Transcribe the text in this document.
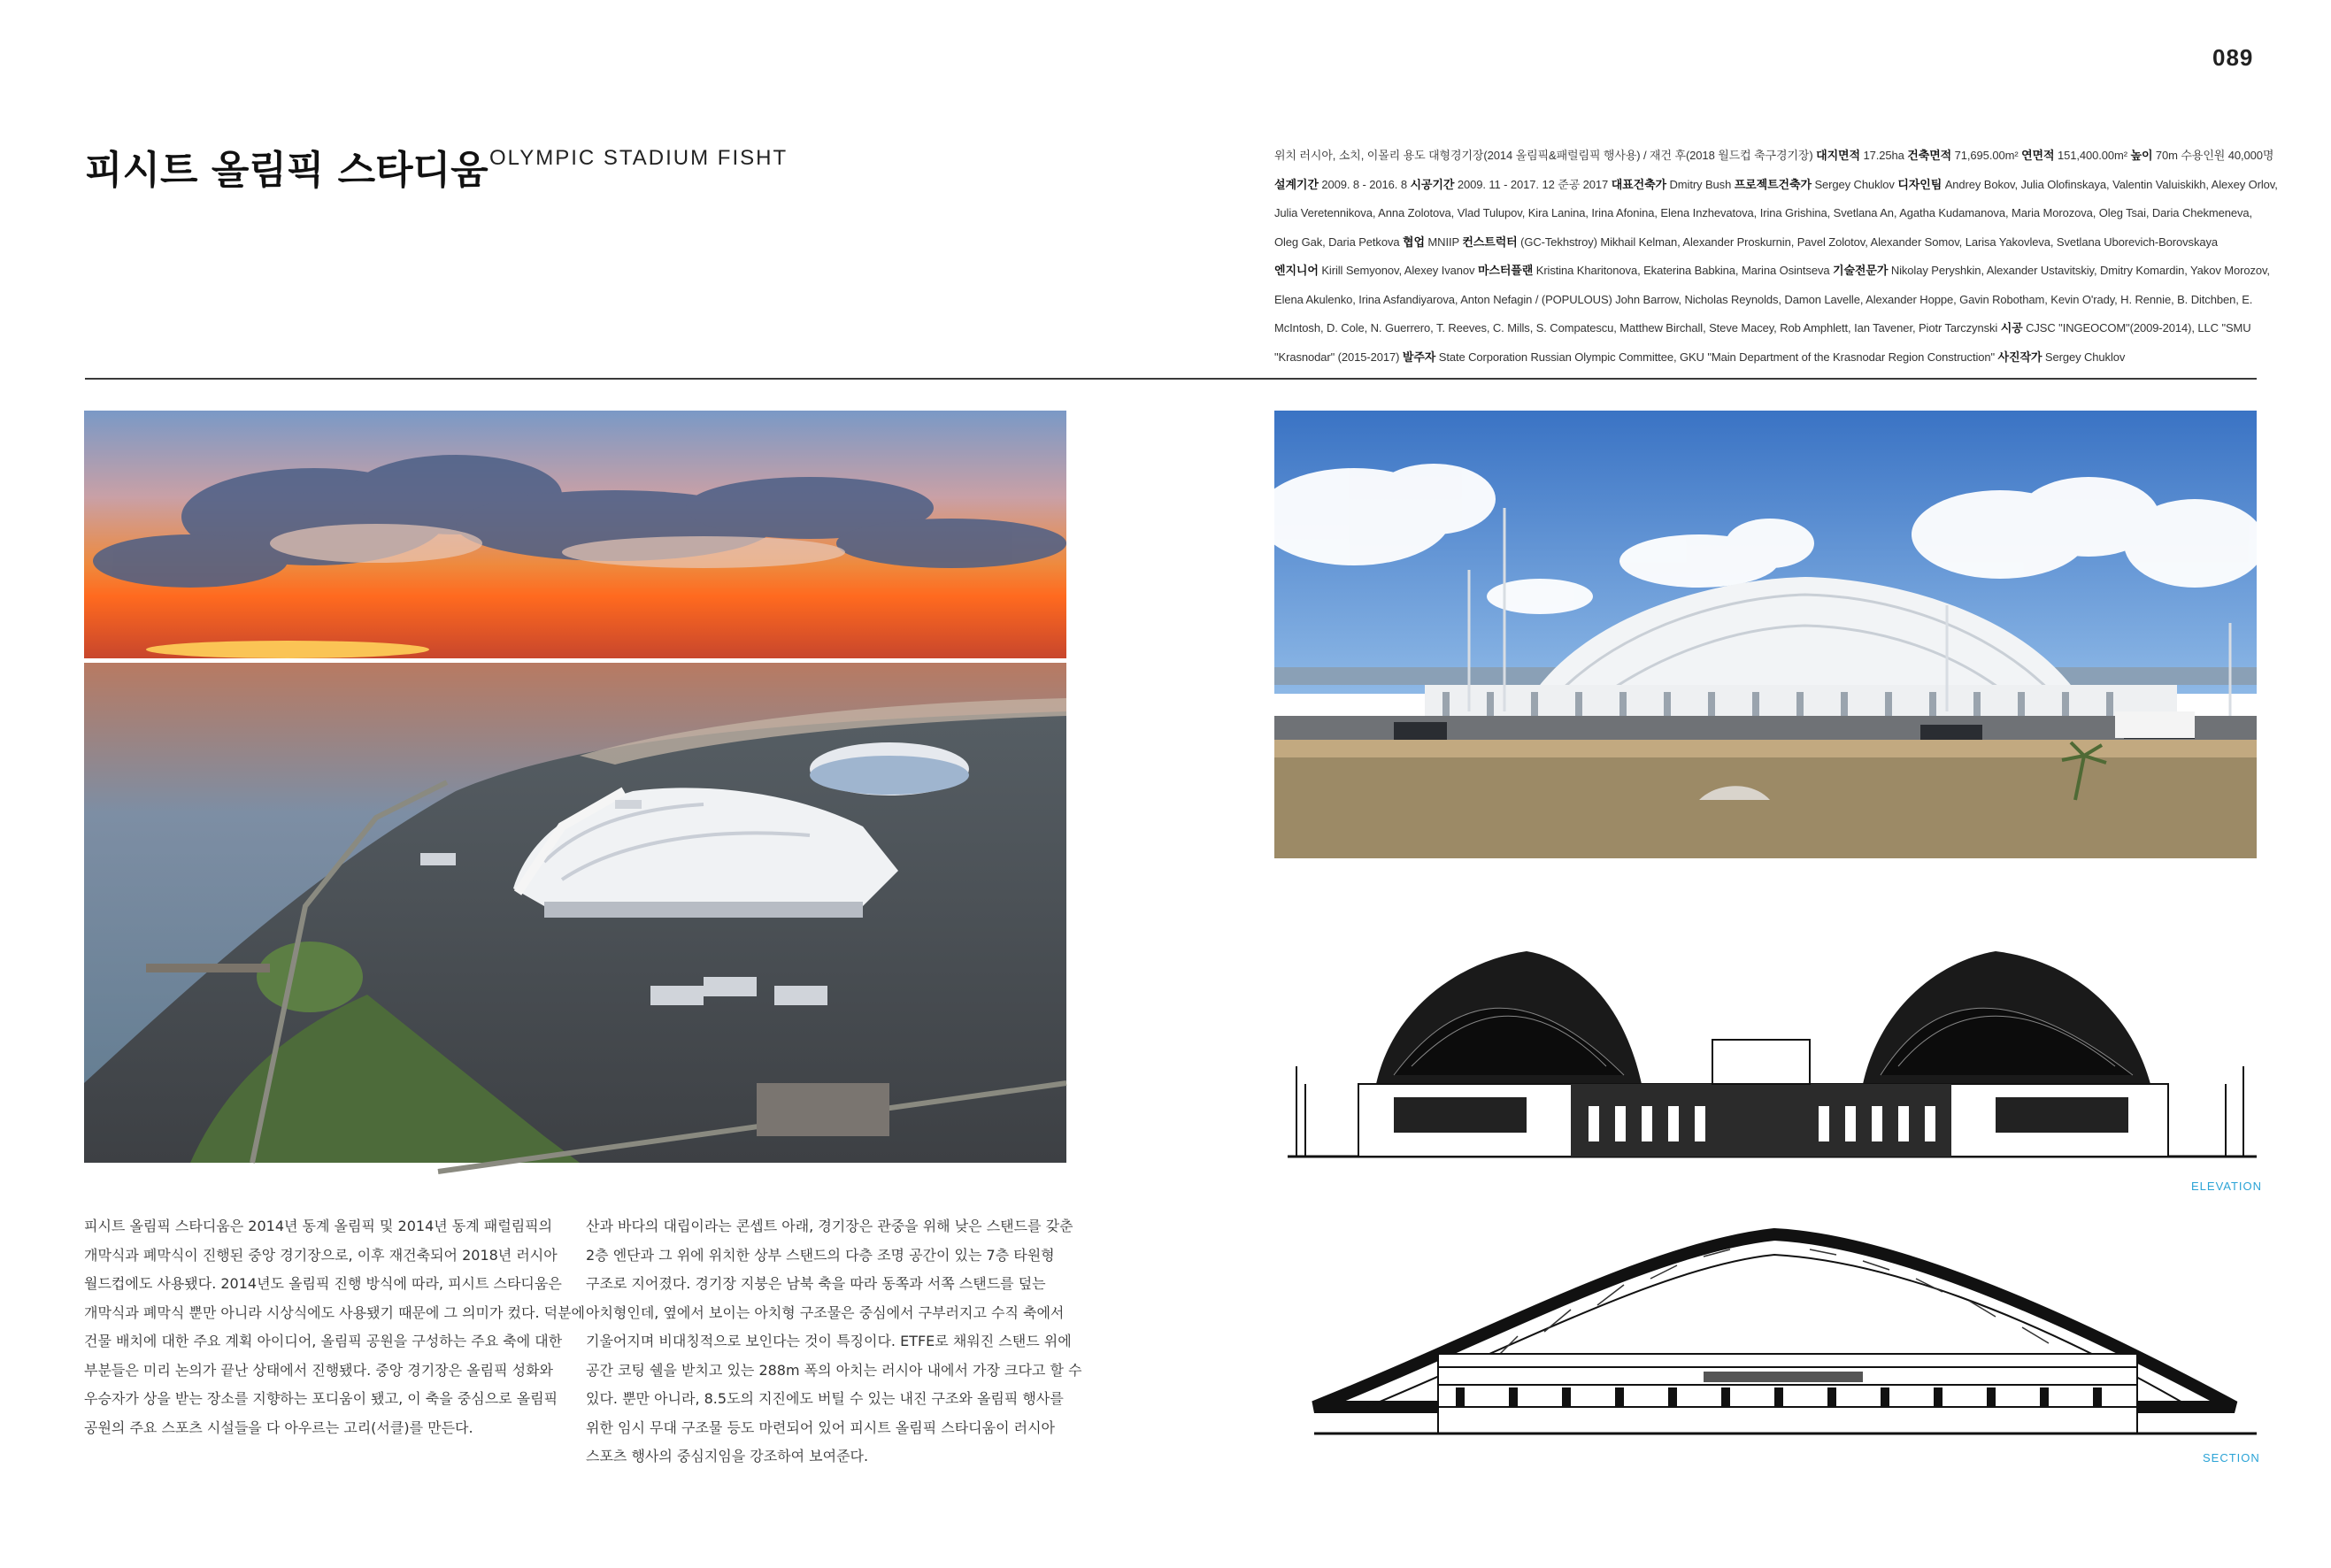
089
피시트 올림픽 스타디움 OLYMPIC STADIUM FISHT	위치 러시아, 소치, 이몰리 용도 대형경기장(2014 올림픽&패럴림픽 행사용) / 재건 후(2018 월드컵 축구경기장) 대지면적 17.25ha 건축면적 71,695.00m² 연면적 151,400.00m² 높이 70m 수용인원 40,000명
설계기간 2009. 8 - 2016. 8 시공기간 2009. 11 - 2017. 12 준공 2017 대표건축가 Dmitry Bush 프로젝트건축가 Sergey Chuklov 디자인팀 Andrey Bokov, Julia Olofinskaya, Valentin Valuiskikh, Alexey Orlov,
Julia Veretennikova, Anna Zolotova, Vlad Tulupov, Kira Lanina, Irina Afonina, Elena Inzhevatova, Irina Grishina, Svetlana An, Agatha Kudamanova, Maria Morozova, Oleg Tsai, Daria Chekmeneva,
Oleg Gak, Daria Petkova 협업 MNIIP 컨스트럭터 (GC-Tekhstroy) Mikhail Kelman, Alexander Proskurnin, Pavel Zolotov, Alexander Somov, Larisa Yakovleva, Svetlana Uborevich-Borovskaya
엔지니어 Kirill Semyonov, Alexey Ivanov 마스터플랜 Kristina Kharitonova, Ekaterina Babkina, Marina Osintseva 기술전문가 Nikolay Peryshkin, Alexander Ustavitskiy, Dmitry Komardin, Yakov Morozov,
Elena Akulenko, Irina Asfandiyarova, Anton Nefagin / (POPULOUS) John Barrow, Nicholas Reynolds, Damon Lavelle, Alexander Hoppe, Gavin Robotham, Kevin O'rady, H. Rennie, B. Ditchben, E.
McIntosh, D. Cole, N. Guerrero, T. Reeves, C. Mills, S. Compatescu, Matthew Birchall, Steve Macey, Rob Amphlett, Ian Tavener, Piotr Tarczynski 시공 CJSC "INGEOCOM"(2009-2014), LLC "SMU
"Krasnodar" (2015-2017) 발주자 State Corporation Russian Olympic Committee, GKU "Main Department of the Krasnodar Region Construction" 사진작가 Sergey Chuklov
ELEVATION
SECTION
피시트 올림픽 스타디움은 2014년 동계 올림픽 및 2014년 동계 패럴림픽의
개막식과 폐막식이 진행된 중앙 경기장으로, 이후 재건축되어 2018년 러시아
월드컵에도 사용됐다. 2014년도 올림픽 진행 방식에 따라, 피시트 스타디움은
개막식과 폐막식 뿐만 아니라 시상식에도 사용됐기 때문에 그 의미가 컸다. 덕분에
건물 배치에 대한 주요 계획 아이디어, 올림픽 공원을 구성하는 주요 축에 대한
부분들은 미리 논의가 끝난 상태에서 진행됐다. 중앙 경기장은 올림픽 성화와
우승자가 상을 받는 장소를 지향하는 포디움이 됐고, 이 축을 중심으로 올림픽
공원의 주요 스포츠 시설들을 다 아우르는 고리(서클)를 만든다.
산과 바다의 대립이라는 콘셉트 아래, 경기장은 관중을 위해 낮은 스탠드를 갖춘
2층 엔단과 그 위에 위치한 상부 스탠드의 다층 조명 공간이 있는 7층 타원형
구조로 지어졌다. 경기장 지붕은 남북 축을 따라 동쪽과 서쪽 스탠드를 덮는
아치형인데, 옆에서 보이는 아치형 구조물은 중심에서 구부러지고 수직 축에서
기울어지며 비대칭적으로 보인다는 것이 특징이다. ETFE로 채워진 스탠드 위에
공간 코팅 쉘을 받치고 있는 288m 폭의 아치는 러시아 내에서 가장 크다고 할 수
있다. 뿐만 아니라, 8.5도의 지진에도 버틸 수 있는 내진 구조와 올림픽 행사를
위한 임시 무대 구조물 등도 마련되어 있어 피시트 올림픽 스타디움이 러시아
스포츠 행사의 중심지임을 강조하여 보여준다.
